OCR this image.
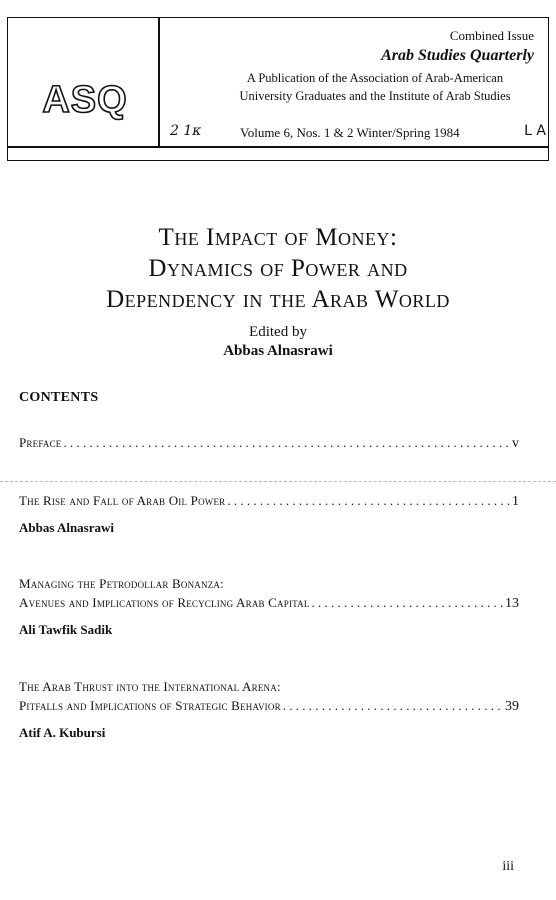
ASQ
Combined Issue
Arab Studies Quarterly
A Publication of the Association of Arab-American
University Graduates and the Institute of Arab Studies
2 1ᴋ	Volume 6, Nos. 1 & 2 Winter/Spring 1984	L A
The Impact of Money:
Dynamics of Power and
Dependency in the Arab World
Edited by
Abbas Alnasrawi
CONTENTS
Preface . . .	v
The Rise and Fall of Arab Oil Power . . .	1
Abbas Alnasrawi
Managing the Petrodollar Bonanza:
Avenues and Implications of Recycling Arab Capital . . .	13
Ali Tawfik Sadik
The Arab Thrust into the International Arena:
Pitfalls and Implications of Strategic Behavior . . .	39
Atif A. Kubursi
iii
